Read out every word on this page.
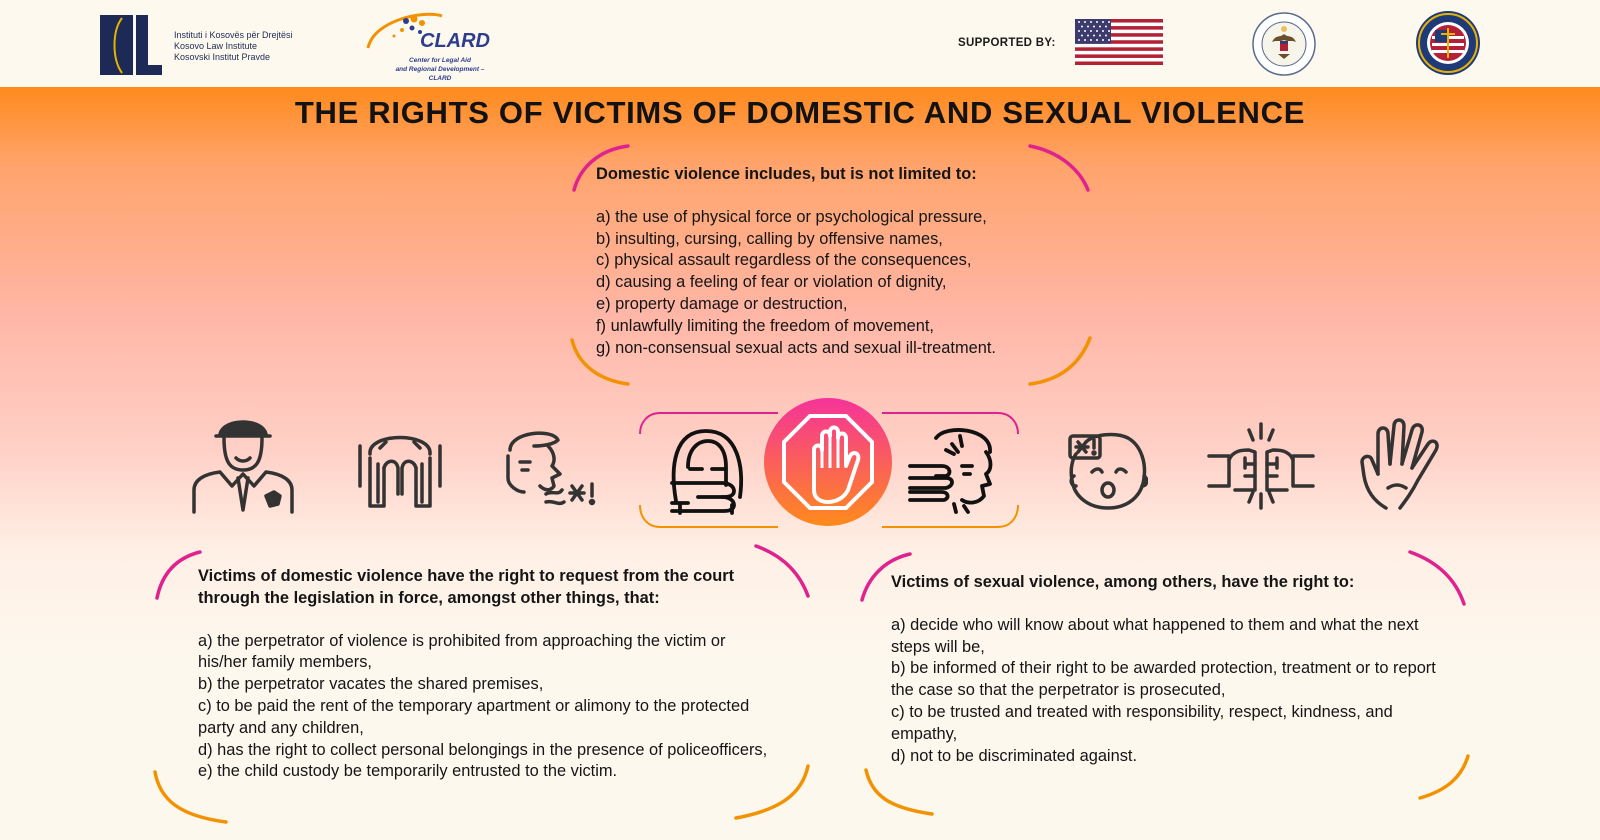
Instituti i Kosovës për Drejtësi
Kosovo Law Institute
Kosovski Institut Pravde
CLARD
Center for Legal Aid
and Regional Development – CLARD
SUPPORTED BY:
THE RIGHTS OF VICTIMS OF DOMESTIC AND SEXUAL VIOLENCE
Domestic violence includes, but is not limited to:
a) the use of physical force or psychological pressure,
b) insulting, cursing, calling by offensive names,
c) physical assault regardless of the consequences,
d) causing a feeling of fear or violation of dignity,
e) property damage or destruction,
f) unlawfully limiting the freedom of movement,
g) non-consensual sexual acts and sexual ill-treatment.
Victims of domestic violence have the right to request from the court through the legislation in force, amongst other things, that:
a) the perpetrator of violence is prohibited from approaching the victim or his/her family members,
b) the perpetrator vacates the shared premises,
c) to be paid the rent of the temporary apartment or alimony to the protected party and any children,
d) has the right to collect personal belongings in the presence of policeofficers,
e) the child custody be temporarily entrusted to the victim.
Victims of sexual violence, among others, have the right to:
a) decide who will know about what happened to them and what the next steps will be,
b) be informed of their right to be awarded protection, treatment or to report the case so that the perpetrator is prosecuted,
c) to be trusted and treated with responsibility, respect, kindness, and empathy,
d) not to be discriminated against.
